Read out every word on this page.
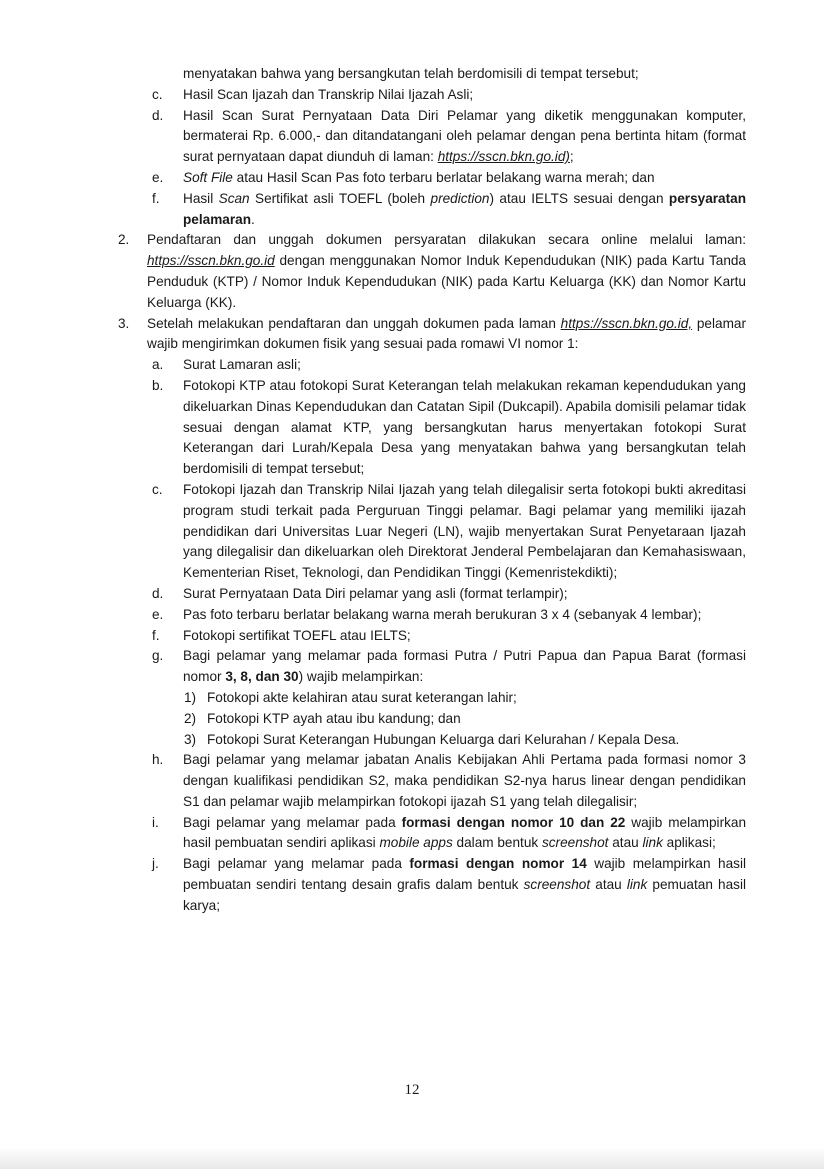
menyatakan bahwa yang bersangkutan telah berdomisili di tempat tersebut;
c. Hasil Scan Ijazah dan Transkrip Nilai Ijazah Asli;
d. Hasil Scan Surat Pernyataan Data Diri Pelamar yang diketik menggunakan komputer, bermaterai Rp. 6.000,- dan ditandatangani oleh pelamar dengan pena bertinta hitam (format surat pernyataan dapat diunduh di laman: https://sscn.bkn.go.id);
e. Soft File atau Hasil Scan Pas foto terbaru berlatar belakang warna merah; dan
f. Hasil Scan Sertifikat asli TOEFL (boleh prediction) atau IELTS sesuai dengan persyaratan pelamaran.
2. Pendaftaran dan unggah dokumen persyaratan dilakukan secara online melalui laman: https://sscn.bkn.go.id dengan menggunakan Nomor Induk Kependudukan (NIK) pada Kartu Tanda Penduduk (KTP) / Nomor Induk Kependudukan (NIK) pada Kartu Keluarga (KK) dan Nomor Kartu Keluarga (KK).
3. Setelah melakukan pendaftaran dan unggah dokumen pada laman https://sscn.bkn.go.id, pelamar wajib mengirimkan dokumen fisik yang sesuai pada romawi VI nomor 1:
a. Surat Lamaran asli;
b. Fotokopi KTP atau fotokopi Surat Keterangan telah melakukan rekaman kependudukan yang dikeluarkan Dinas Kependudukan dan Catatan Sipil (Dukcapil). Apabila domisili pelamar tidak sesuai dengan alamat KTP, yang bersangkutan harus menyertakan fotokopi Surat Keterangan dari Lurah/Kepala Desa yang menyatakan bahwa yang bersangkutan telah berdomisili di tempat tersebut;
c. Fotokopi Ijazah dan Transkrip Nilai Ijazah yang telah dilegalisir serta fotokopi bukti akreditasi program studi terkait pada Perguruan Tinggi pelamar. Bagi pelamar yang memiliki ijazah pendidikan dari Universitas Luar Negeri (LN), wajib menyertakan Surat Penyetaraan Ijazah yang dilegalisir dan dikeluarkan oleh Direktorat Jenderal Pembelajaran dan Kemahasiswaan, Kementerian Riset, Teknologi, dan Pendidikan Tinggi (Kemenristekdikti);
d. Surat Pernyataan Data Diri pelamar yang asli (format terlampir);
e. Pas foto terbaru berlatar belakang warna merah berukuran 3 x 4 (sebanyak 4 lembar);
f. Fotokopi sertifikat TOEFL atau IELTS;
g. Bagi pelamar yang melamar pada formasi Putra / Putri Papua dan Papua Barat (formasi nomor 3, 8, dan 30) wajib melampirkan:
1) Fotokopi akte kelahiran atau surat keterangan lahir;
2) Fotokopi KTP ayah atau ibu kandung; dan
3) Fotokopi Surat Keterangan Hubungan Keluarga dari Kelurahan / Kepala Desa.
h. Bagi pelamar yang melamar jabatan Analis Kebijakan Ahli Pertama pada formasi nomor 3 dengan kualifikasi pendidikan S2, maka pendidikan S2-nya harus linear dengan pendidikan S1 dan pelamar wajib melampirkan fotokopi ijazah S1 yang telah dilegalisir;
i. Bagi pelamar yang melamar pada formasi dengan nomor 10 dan 22 wajib melampirkan hasil pembuatan sendiri aplikasi mobile apps dalam bentuk screenshot atau link aplikasi;
j. Bagi pelamar yang melamar pada formasi dengan nomor 14 wajib melampirkan hasil pembuatan sendiri tentang desain grafis dalam bentuk screenshot atau link pemuatan hasil karya;
12
